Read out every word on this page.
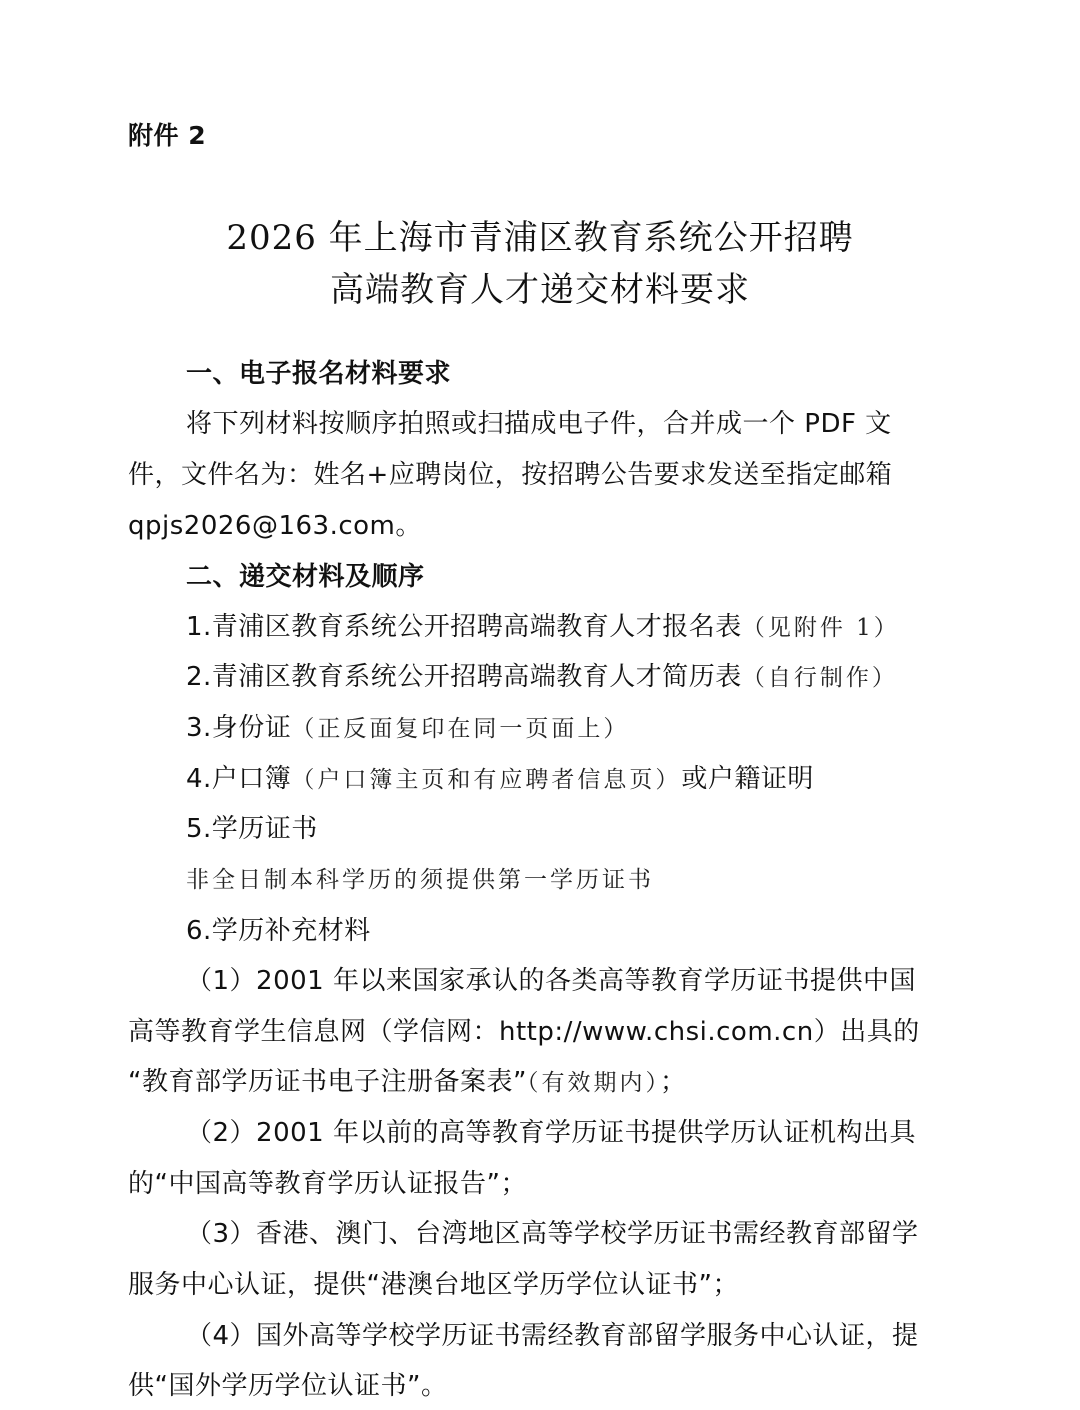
附件 2
2026 年上海市青浦区教育系统公开招聘
高端教育人才递交材料要求
一、电子报名材料要求
将下列材料按顺序拍照或扫描成电子件，合并成一个 PDF 文
件，文件名为：姓名+应聘岗位，按招聘公告要求发送至指定邮箱
qpjs2026@163.com。
二、递交材料及顺序
1.青浦区教育系统公开招聘高端教育人才报名表（见附件 1）
2.青浦区教育系统公开招聘高端教育人才简历表（自行制作）
3.身份证（正反面复印在同一页面上）
4.户口簿（户口簿主页和有应聘者信息页）或户籍证明
5.学历证书
非全日制本科学历的须提供第一学历证书
6.学历补充材料
（1）2001 年以来国家承认的各类高等教育学历证书提供中国
高等教育学生信息网（学信网：http://www.chsi.com.cn）出具的
“教育部学历证书电子注册备案表”（有效期内）；
（2）2001 年以前的高等教育学历证书提供学历认证机构出具
的“中国高等教育学历认证报告”；
（3）香港、澳门、台湾地区高等学校学历证书需经教育部留学
服务中心认证，提供“港澳台地区学历学位认证书”；
（4）国外高等学校学历证书需经教育部留学服务中心认证，提
供“国外学历学位认证书”。
